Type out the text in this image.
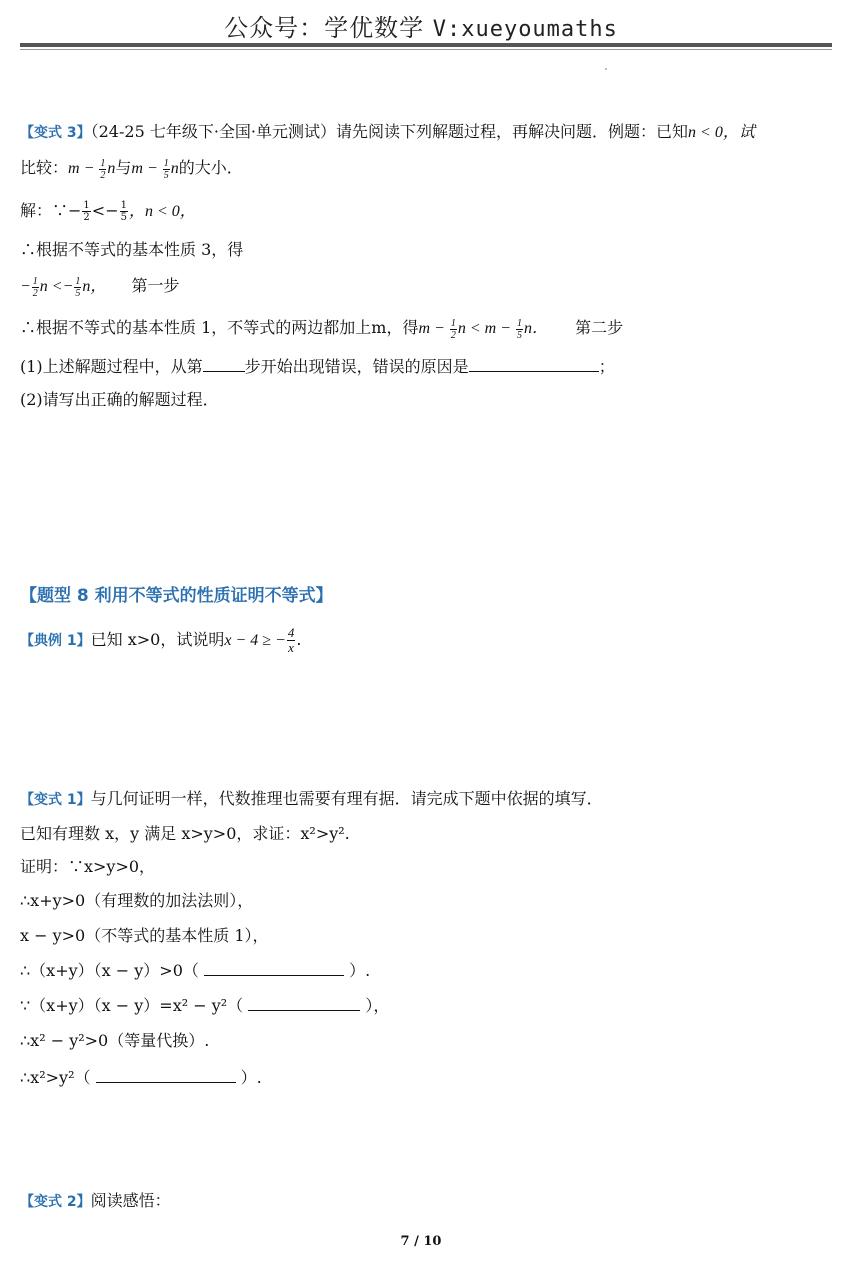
公众号：学优数学 V:xueyoumaths
【变式 3】（24-25 七年级下·全国·单元测试）请先阅读下列解题过程，再解决问题．例题：已知n < 0，试
比较：$m - \frac{1}{2}$ n与$m - \frac{1}{5}$ n的大小．
解：∵− $\frac{1}{2} <- \frac{1}{5}$ ，n < 0，
∴根据不等式的基本性质 3，得
− $\frac{1}{2}$ $n <- \frac{1}{5}$ n， 第一步
∴根据不等式的基本性质 1，不等式的两边都加上m，得$m - \frac{1}{2}$ $n < m - \frac{1}{5}$ n． 第二步
(1)上述解题过程中，从第	步开始出现错误，错误的原因是	；
(2)请写出正确的解题过程．
【题型 8 利用不等式的性质证明不等式】
【典例 1】已知 x>0，试说明x − 4 ≥ − $\frac{4}{x}$ .
【变式 1】与几何证明一样，代数推理也需要有理有据．请完成下题中依据的填写．
已知有理数 x，y 满足 x>y>0，求证：x²>y².
证明：∵x>y>0，
∴x+y>0（有理数的加法法则），
x − y>0（不等式的基本性质 1），
∴（x+y）（x − y）>0（	）.
∵（x+y）（x − y）=x² − y²（	），
∴x² − y²>0（等量代换）.
∴x²>y²（	）.
【变式 2】阅读感悟：
7 / 10
